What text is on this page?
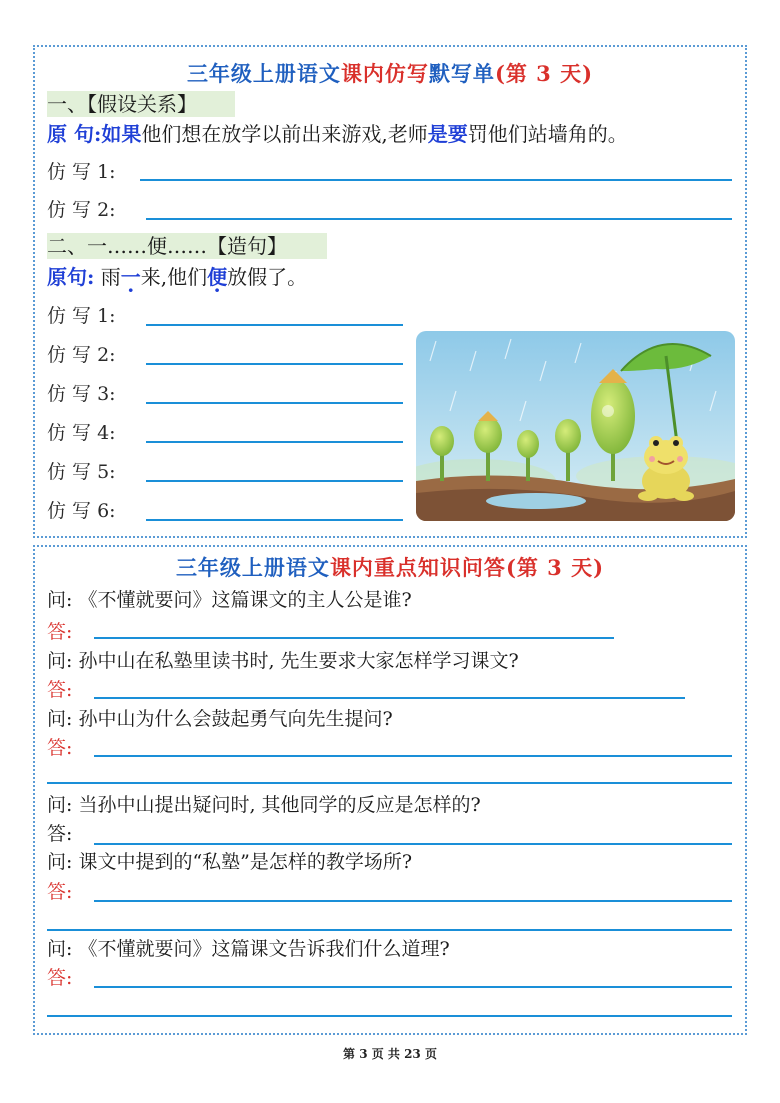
三年级上册语文课内仿写默写单(第 3 天)
一、【假设关系】
原 句:如果他们想在放学以前出来游戏,老师是要罚他们站墙角的。
仿 写 1:
仿 写 2:
二、一……便……【造句】
原句: 雨一来,他们便放假了。
仿 写 1:
仿 写 2:
仿 写 3:
仿 写 4:
仿 写 5:
仿 写 6:
三年级上册语文课内重点知识问答(第 3 天)
问: 《不懂就要问》这篇课文的主人公是谁?
答:
问: 孙中山在私塾里读书时, 先生要求大家怎样学习课文?
答:
问: 孙中山为什么会鼓起勇气向先生提问?
答:
问: 当孙中山提出疑问时, 其他同学的反应是怎样的?
答:
问: 课文中提到的“私塾”是怎样的教学场所?
答:
问: 《不懂就要问》这篇课文告诉我们什么道理?
答:
第 3 页 共 23 页
